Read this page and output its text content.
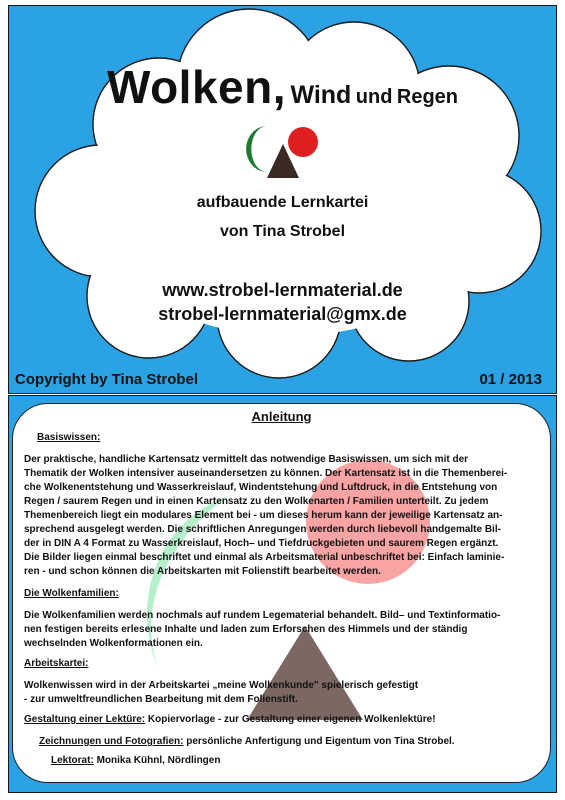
Wolken, Wind und Regen
aufbauende Lernkartei
von Tina Strobel
www.strobel-lernmaterial.de
strobel-lernmaterial@gmx.de
Copyright by Tina Strobel	01 / 2013
Anleitung
Basiswissen:
Der praktische, handliche Kartensatz vermittelt das notwendige Basiswissen, um sich mit der
Thematik der Wolken intensiver auseinandersetzen zu können. Der Kartensatz ist in die Themenberei-
che Wolkenentstehung und Wasserkreislauf, Windentstehung und Luftdruck, in die Entstehung von
Regen / saurem Regen und in einen Kartensatz zu den Wolkenarten / Familien unterteilt. Zu jedem
Themenbereich liegt ein modulares Element bei - um dieses herum kann der jeweilige Kartensatz an-
sprechend ausgelegt werden. Die schriftlichen Anregungen werden durch liebevoll handgemalte Bil-
der in DIN A 4 Format zu Wasserkreislauf, Hoch– und Tiefdruckgebieten und saurem Regen ergänzt.
Die Bilder liegen einmal beschriftet und einmal als Arbeitsmaterial unbeschriftet bei: Einfach laminie-
ren - und schon können die Arbeitskarten mit Folienstift bearbeitet werden.
Die Wolkenfamilien:
Die Wolkenfamilien werden nochmals auf rundem Legematerial behandelt. Bild– und Textinformatio-
nen festigen bereits erlesene Inhalte und laden zum Erforschen des Himmels und der ständig
wechselnden Wolkenformationen ein.
Arbeitskartei:
Wolkenwissen wird in der Arbeitskartei „meine Wolkenkunde" spielerisch gefestigt
- zur umweltfreundlichen Bearbeitung mit dem Folienstift.
Gestaltung einer Lektüre: Kopiervorlage - zur Gestaltung einer eigenen Wolkenlektüre!
Zeichnungen und Fotografien: persönliche Anfertigung und Eigentum von Tina Strobel.
Lektorat: Monika Kühnl, Nördlingen
